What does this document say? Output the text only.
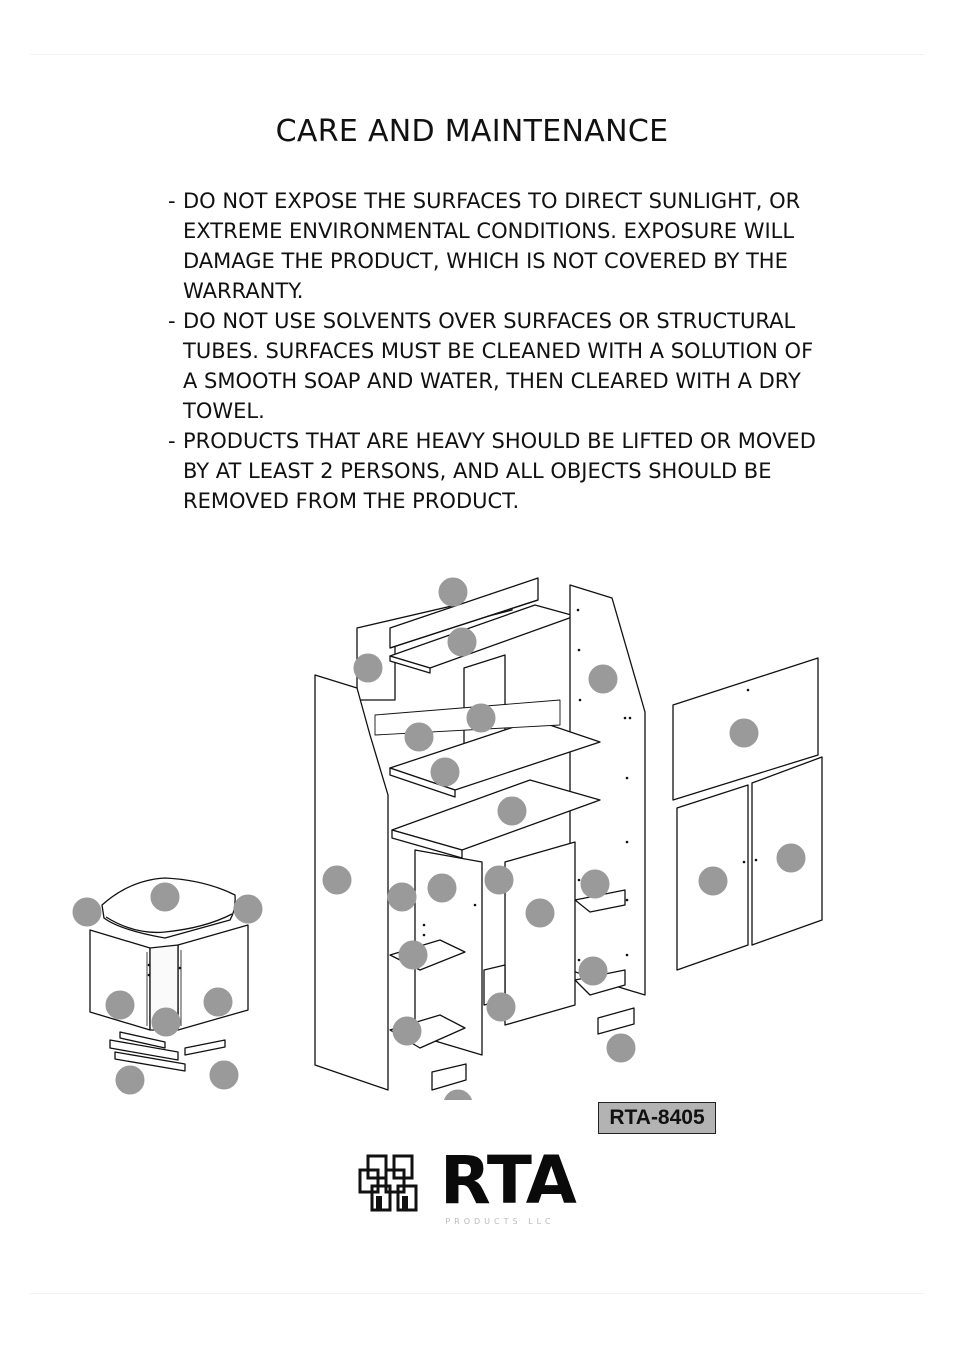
CARE AND MAINTENANCE
- DO NOT EXPOSE THE SURFACES TO DIRECT SUNLIGHT, OR EXTREME ENVIRONMENTAL CONDITIONS. EXPOSURE WILL DAMAGE THE PRODUCT, WHICH IS NOT COVERED BY THE WARRANTY.
- DO NOT USE SOLVENTS OVER SURFACES OR STRUCTURAL TUBES. SURFACES MUST BE CLEANED WITH A SOLUTION OF A SMOOTH SOAP AND WATER, THEN CLEARED WITH A DRY TOWEL.
- PRODUCTS THAT ARE HEAVY SHOULD BE LIFTED OR MOVED BY AT LEAST 2 PERSONS, AND ALL OBJECTS SHOULD BE REMOVED FROM THE PRODUCT.
RTA-8405
RTA
PRODUCTS LLC
